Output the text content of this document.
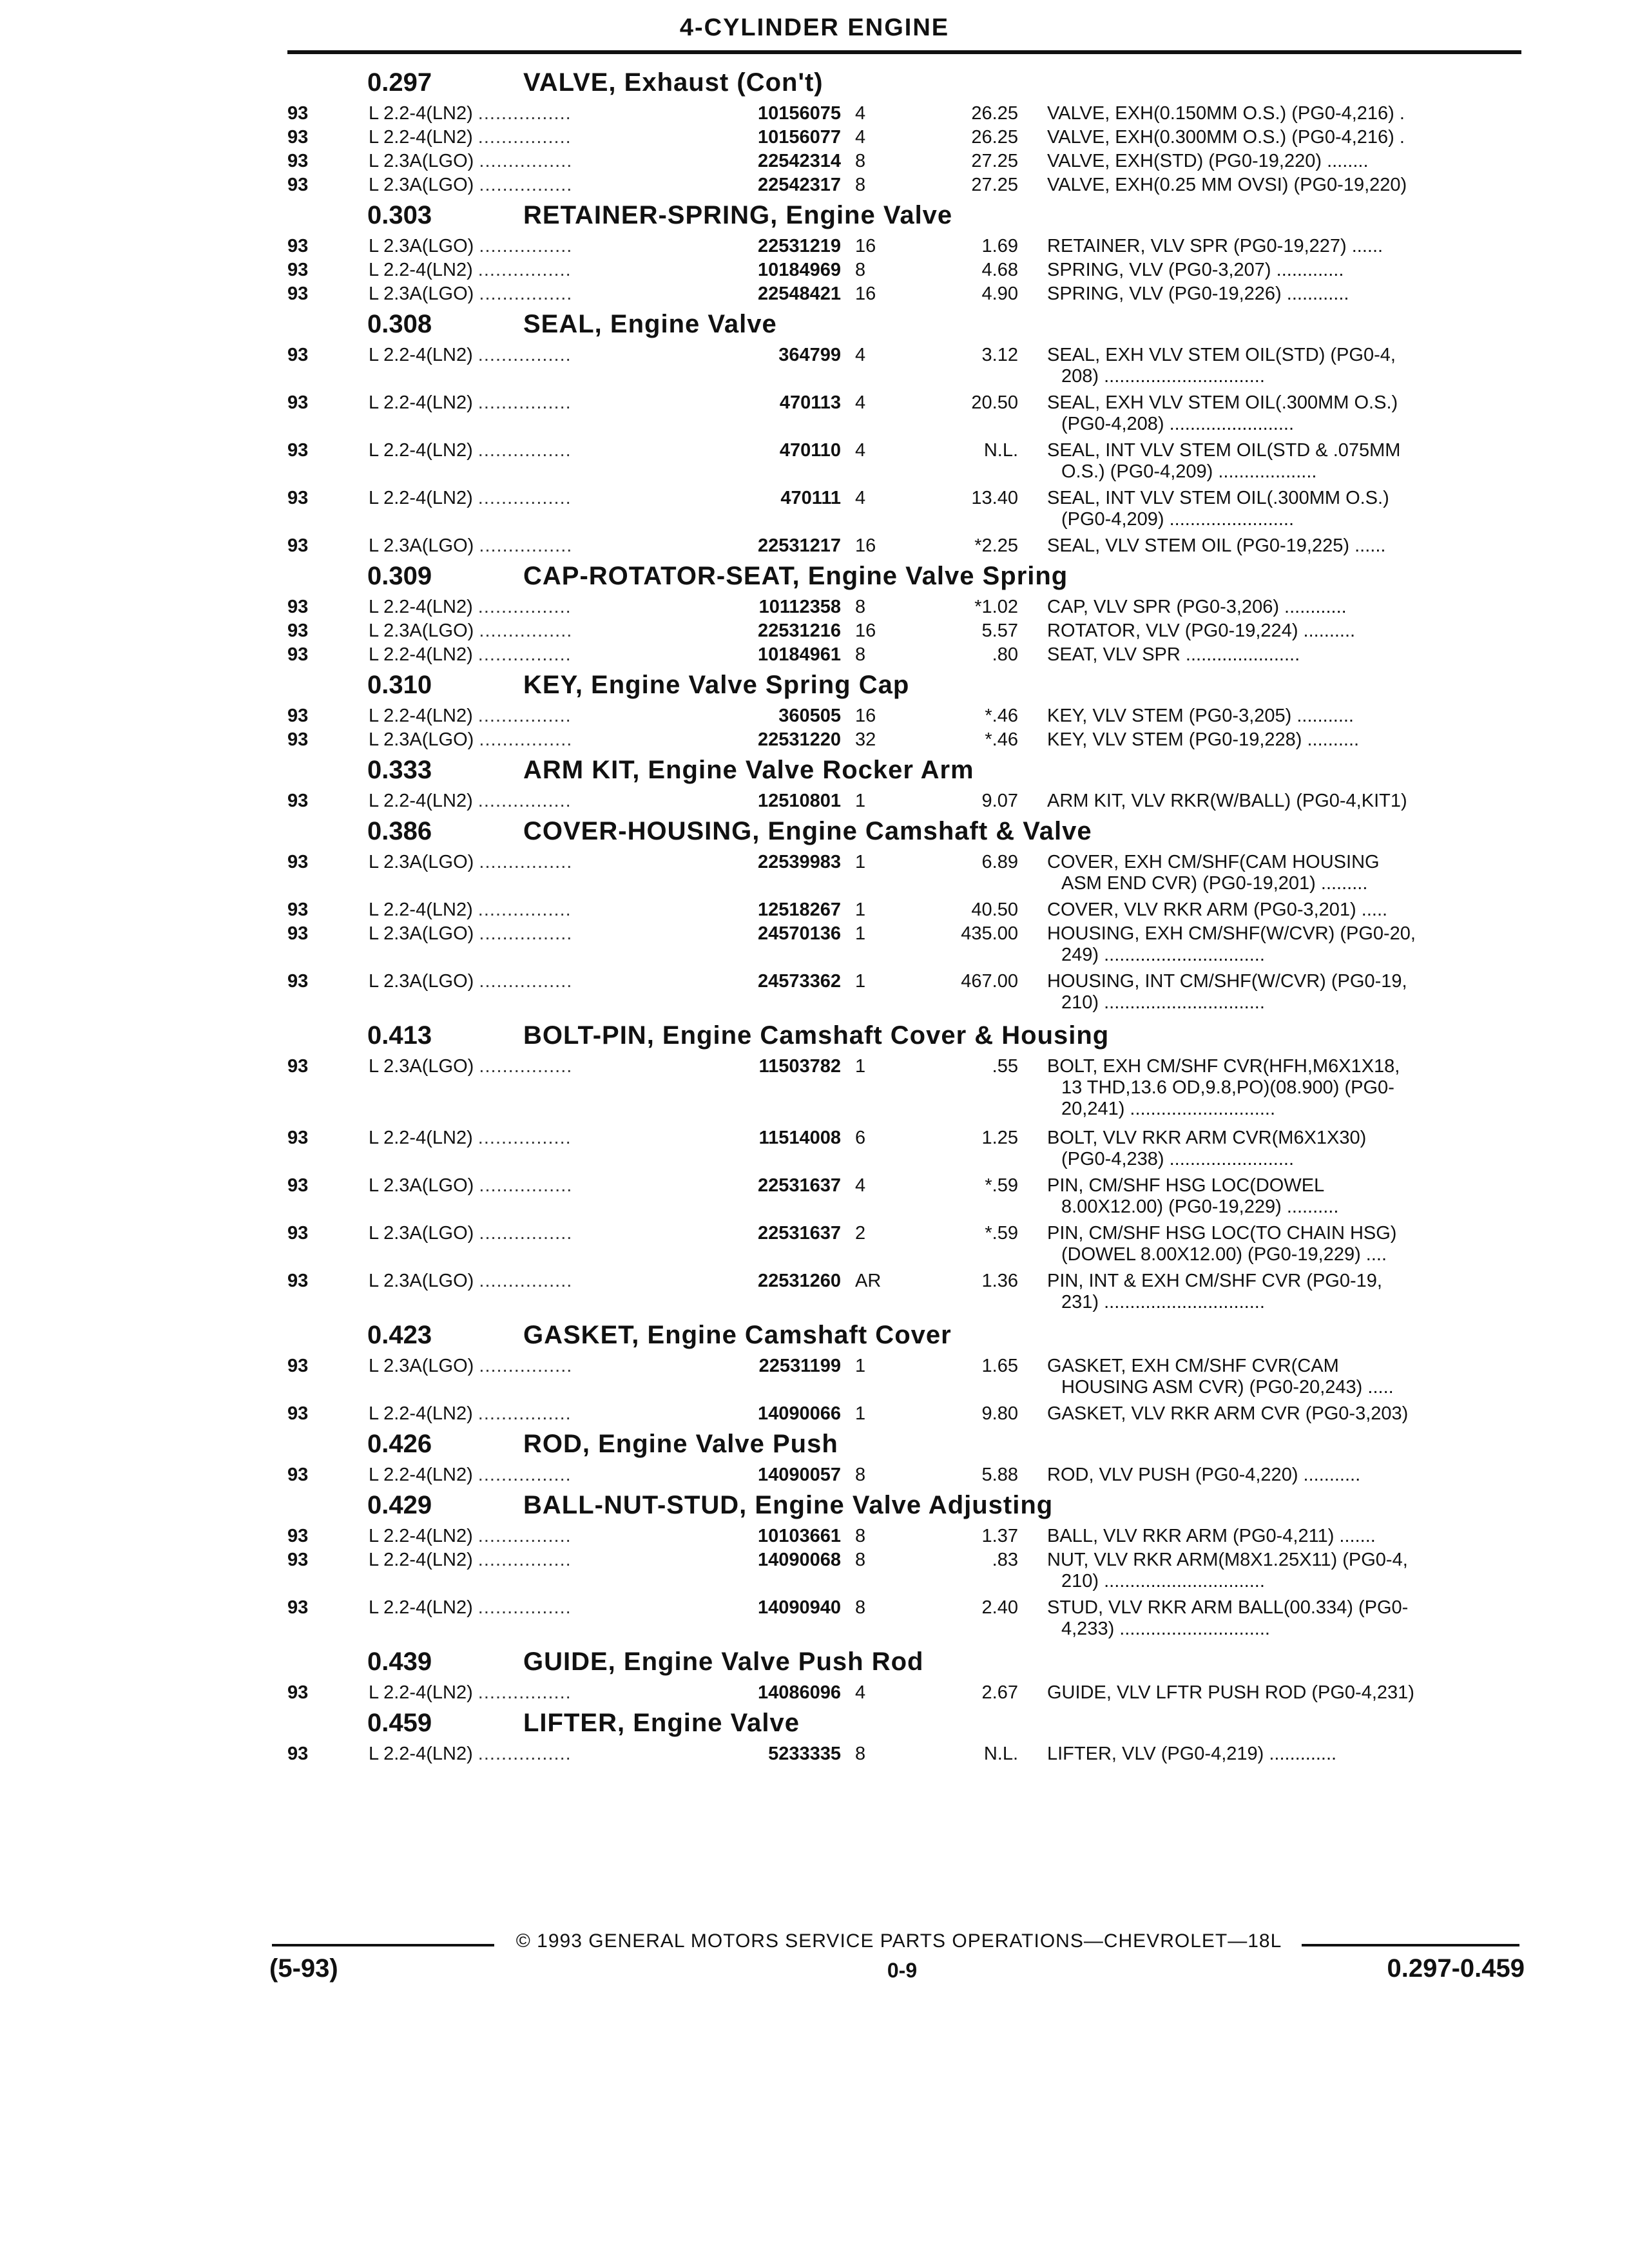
4-CYLINDER ENGINE
0.297	VALVE, Exhaust (Con't)
93	L 2.2-4(LN2) ................	10156075 4	26.25 VALVE, EXH(0.150MM O.S.) (PG0-4,216) .
93	L 2.2-4(LN2) ................	10156077 4	26.25 VALVE, EXH(0.300MM O.S.) (PG0-4,216) .
93	L 2.3A(LGO) ................	22542314 8	27.25 VALVE, EXH(STD) (PG0-19,220) ........
93	L 2.3A(LGO) ................	22542317 8	27.25 VALVE, EXH(0.25 MM OVSI) (PG0-19,220)
0.303	RETAINER-SPRING, Engine Valve
93	L 2.3A(LGO) ................	22531219 16	1.69 RETAINER, VLV SPR (PG0-19,227) ......
93	L 2.2-4(LN2) ................	10184969 8	4.68 SPRING, VLV (PG0-3,207) .............
93	L 2.3A(LGO) ................	22548421 16	4.90 SPRING, VLV (PG0-19,226) ............
0.308	SEAL, Engine Valve
93	L 2.2-4(LN2) ................	364799 4	3.12 SEAL, EXH VLV STEM OIL(STD) (PG0-4,
208) ...............................
93	L 2.2-4(LN2) ................	470113 4	20.50 SEAL, EXH VLV STEM OIL(.300MM O.S.)
(PG0-4,208) ........................
93	L 2.2-4(LN2) ................	470110 4	N.L. SEAL, INT VLV STEM OIL(STD & .075MM
O.S.) (PG0-4,209) ...................
93	L 2.2-4(LN2) ................	470111 4	13.40 SEAL, INT VLV STEM OIL(.300MM O.S.)
(PG0-4,209) ........................
93	L 2.3A(LGO) ................	22531217 16	*2.25 SEAL, VLV STEM OIL (PG0-19,225) ......
0.309	CAP-ROTATOR-SEAT, Engine Valve Spring
93	L 2.2-4(LN2) ................	10112358 8	*1.02 CAP, VLV SPR (PG0-3,206) ............
93	L 2.3A(LGO) ................	22531216 16	5.57 ROTATOR, VLV (PG0-19,224) ..........
93	L 2.2-4(LN2) ................	10184961 8	.80 SEAT, VLV SPR ......................
0.310	KEY, Engine Valve Spring Cap
93	L 2.2-4(LN2) ................	360505 16	*.46 KEY, VLV STEM (PG0-3,205) ...........
93	L 2.3A(LGO) ................	22531220 32	*.46 KEY, VLV STEM (PG0-19,228) ..........
0.333	ARM KIT, Engine Valve Rocker Arm
93	L 2.2-4(LN2) ................	12510801 1	9.07 ARM KIT, VLV RKR(W/BALL) (PG0-4,KIT1)
0.386	COVER-HOUSING, Engine Camshaft & Valve
93	L 2.3A(LGO) ................	22539983 1	6.89 COVER, EXH CM/SHF(CAM HOUSING
ASM END CVR) (PG0-19,201) .........
93	L 2.2-4(LN2) ................	12518267 1	40.50 COVER, VLV RKR ARM (PG0-3,201) .....
93	L 2.3A(LGO) ................	24570136 1	435.00 HOUSING, EXH CM/SHF(W/CVR) (PG0-20,
249) ...............................
93	L 2.3A(LGO) ................	24573362 1	467.00 HOUSING, INT CM/SHF(W/CVR) (PG0-19,
210) ...............................
0.413	BOLT-PIN, Engine Camshaft Cover & Housing
93	L 2.3A(LGO) ................	11503782 1	.55 BOLT, EXH CM/SHF CVR(HFH,M6X1X18,
13 THD,13.6 OD,9.8,PO)(08.900) (PG0-
20,241) ............................
93	L 2.2-4(LN2) ................	11514008 6	1.25 BOLT, VLV RKR ARM CVR(M6X1X30)
(PG0-4,238) ........................
93	L 2.3A(LGO) ................	22531637 4	*.59 PIN, CM/SHF HSG LOC(DOWEL
8.00X12.00) (PG0-19,229) ..........
93	L 2.3A(LGO) ................	22531637 2	*.59 PIN, CM/SHF HSG LOC(TO CHAIN HSG)
(DOWEL 8.00X12.00) (PG0-19,229) ....
93	L 2.3A(LGO) ................	22531260 AR	1.36 PIN, INT & EXH CM/SHF CVR (PG0-19,
231) ...............................
0.423	GASKET, Engine Camshaft Cover
93	L 2.3A(LGO) ................	22531199 1	1.65 GASKET, EXH CM/SHF CVR(CAM
HOUSING ASM CVR) (PG0-20,243) .....
93	L 2.2-4(LN2) ................	14090066 1	9.80 GASKET, VLV RKR ARM CVR (PG0-3,203)
0.426	ROD, Engine Valve Push
93	L 2.2-4(LN2) ................	14090057 8	5.88 ROD, VLV PUSH (PG0-4,220) ...........
0.429	BALL-NUT-STUD, Engine Valve Adjusting
93	L 2.2-4(LN2) ................	10103661 8	1.37 BALL, VLV RKR ARM (PG0-4,211) .......
93	L 2.2-4(LN2) ................	14090068 8	.83 NUT, VLV RKR ARM(M8X1.25X11) (PG0-4,
210) ...............................
93	L 2.2-4(LN2) ................	14090940 8	2.40 STUD, VLV RKR ARM BALL(00.334) (PG0-
4,233) .............................
0.439	GUIDE, Engine Valve Push Rod
93	L 2.2-4(LN2) ................	14086096 4	2.67 GUIDE, VLV LFTR PUSH ROD (PG0-4,231)
0.459	LIFTER, Engine Valve
93	L 2.2-4(LN2) ................	5233335 8	N.L. LIFTER, VLV (PG0-4,219) .............
© 1993 GENERAL MOTORS SERVICE PARTS OPERATIONS—CHEVROLET—18L
(5-93)	0-9	0.297-0.459
